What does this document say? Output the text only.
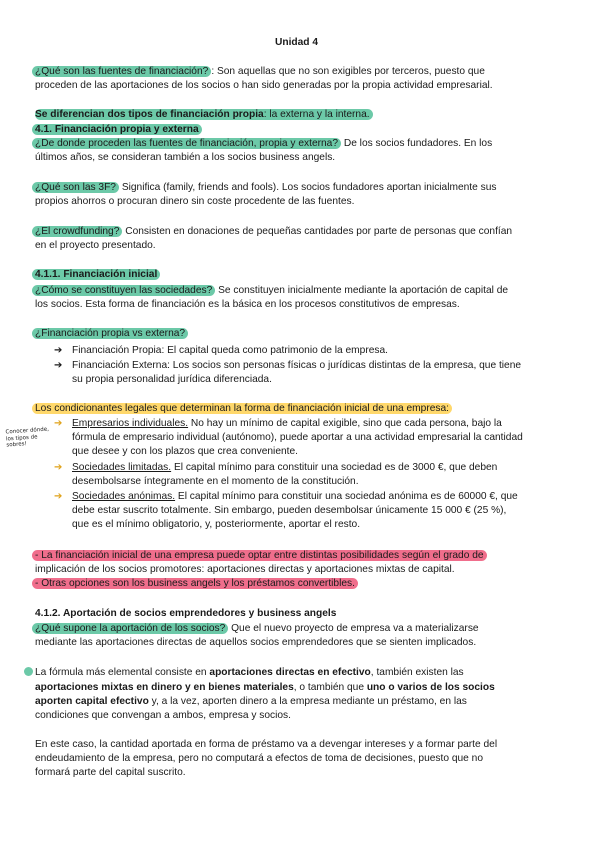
Unidad 4
¿Qué son las fuentes de financiación? : Son aquellas que no son exigibles por terceros, puesto que
proceden de las aportaciones de los socios o han sido generadas por la propia actividad empresarial.
Se diferencian dos tipos de financiación propia: la externa y la interna.
4.1. Financiación propia y externa
¿De donde proceden las fuentes de financiación, propia y externa? De los socios fundadores. En los
últimos años, se consideran también a los socios business angels.
¿Qué son las 3F? Significa (family, friends and fools). Los socios fundadores aportan inicialmente sus
propios ahorros o procuran dinero sin coste procedente de las fuentes.
¿El crowdfunding? Consisten en donaciones de pequeñas cantidades por parte de personas que confían
en el proyecto presentado.
4.1.1. Financiación inicial
¿Cómo se constituyen las sociedades? Se constituyen inicialmente mediante la aportación de capital de
los socios. Esta forma de financiación es la básica en los procesos constitutivos de empresas.
¿Financiación propia vs externa?
➔ Financiación Propia: El capital queda como patrimonio de la empresa.
➔ Financiación Externa: Los socios son personas físicas o jurídicas distintas de la empresa, que tiene
su propia personalidad jurídica diferenciada.
Los condicionantes legales que determinan la forma de financiación inicial de una empresa:
Conocer dónde,
los tipos de
sobres!
➔ Empresarios individuales. No hay un mínimo de capital exigible, sino que cada persona, bajo la
fórmula de empresario individual (autónomo), puede aportar a una actividad empresarial la cantidad
que desee y con los plazos que crea conveniente.
➔ Sociedades limitadas. El capital mínimo para constituir una sociedad es de 3000 €, que deben
desembolsarse íntegramente en el momento de la constitución.
➔ Sociedades anónimas. El capital mínimo para constituir una sociedad anónima es de 60000 €, que
debe estar suscrito totalmente. Sin embargo, pueden desembolsar únicamente 15 000 € (25 %),
que es el mínimo obligatorio, y, posteriormente, aportar el resto.
- La financiación inicial de una empresa puede optar entre distintas posibilidades según el grado de
implicación de los socios promotores: aportaciones directas y aportaciones mixtas de capital.
- Otras opciones son los business angels y los préstamos convertibles.
4.1.2. Aportación de socios emprendedores y business angels
¿Qué supone la aportación de los socios? Que el nuevo proyecto de empresa va a materializarse
mediante las aportaciones directas de aquellos socios emprendedores que se sienten implicados.
La fórmula más elemental consiste en aportaciones directas en efectivo, también existen las
aportaciones mixtas en dinero y en bienes materiales, o también que uno o varios de los socios
aporten capital efectivo y, a la vez, aporten dinero a la empresa mediante un préstamo, en las
condiciones que convengan a ambos, empresa y socios.
En este caso, la cantidad aportada en forma de préstamo va a devengar intereses y a formar parte del
endeudamiento de la empresa, pero no computará a efectos de toma de decisiones, puesto que no
formará parte del capital suscrito.
